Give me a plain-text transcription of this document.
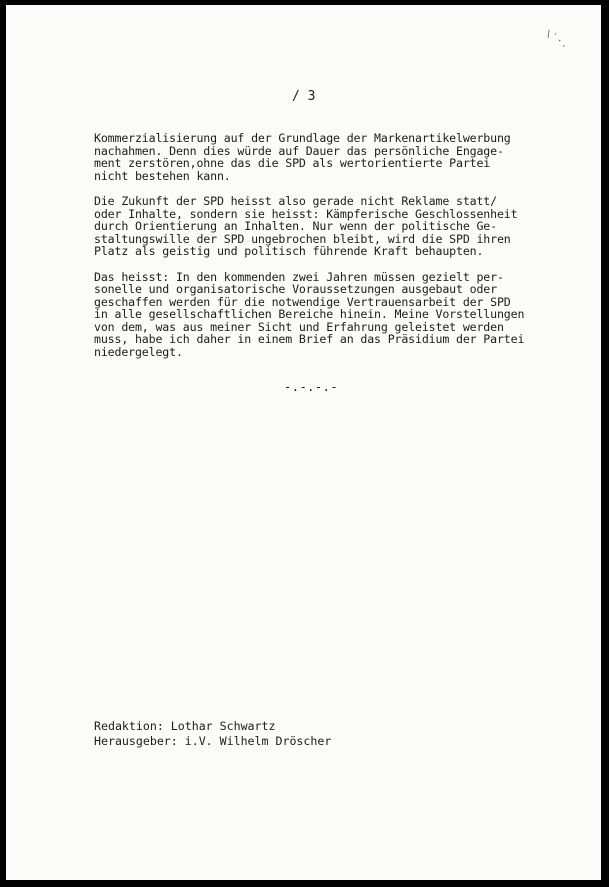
\`·.
/ 3

Kommerzialisierung auf der Grundlage der Markenartikelwerbung
nachahmen. Denn dies würde auf Dauer das persönliche Engage-
ment zerstören,ohne das die SPD als wertorientierte Partei
nicht bestehen kann.

Die Zukunft der SPD heisst also gerade nicht Reklame statt/
oder Inhalte, sondern sie heisst: Kämpferische Geschlossenheit
durch Orientierung an Inhalten. Nur wenn der politische Ge-
staltungswille der SPD ungebrochen bleibt, wird die SPD ihren
Platz als geistig und politisch führende Kraft behaupten.

Das heisst: In den kommenden zwei Jahren müssen gezielt per-
sonelle und organisatorische Voraussetzungen ausgebaut oder
geschaffen werden für die notwendige Vertrauensarbeit der SPD
in alle gesellschaftlichen Bereiche hinein. Meine Vorstellungen
von dem, was aus meiner Sicht und Erfahrung geleistet werden
muss, habe ich daher in einem Brief an das Präsidium der Partei
niedergelegt.

-.-.-.-
Redaktion: Lothar Schwartz
Herausgeber: i.V. Wilhelm Dröscher
